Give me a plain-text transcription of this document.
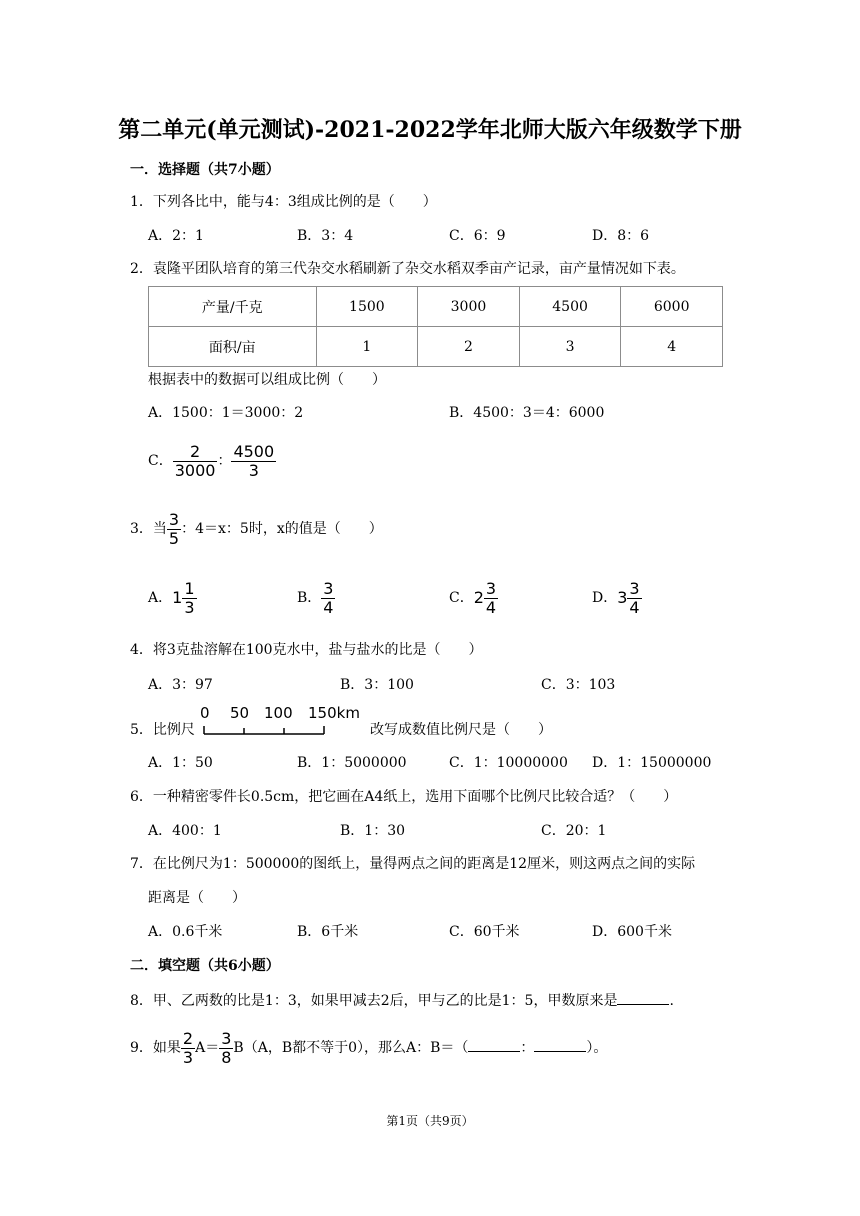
第二单元(单元测试)-2021-2022学年北师大版六年级数学下册
一．选择题（共7小题）
1．下列各比中，能与4：3组成比例的是（　　）
A．2：1	B．3：4	C．6：9	D．8：6
2．袁隆平团队培育的第三代杂交水稻刷新了杂交水稻双季亩产记录，亩产量情况如下表。
产量/千克	1500	3000	4500	6000
面积/亩	1	2	3	4
根据表中的数据可以组成比例（　　）
A．1500：1＝3000：2	B．4500：3＝4：6000
C． $\frac{2}{3000}$ ： $\frac{4500}{3}$
3．当 $\frac{3}{5}$ ：4＝x：5时，x的值是（　　）
A．$1 \frac{1}{3}$	B． $\frac{3}{4}$	C．$2 \frac{3}{4}$	D．$3 \frac{3}{4}$
4．将3克盐溶解在100克水中，盐与盐水的比是（　　）
A．3：97	B．3：100	C．3：103
5．比例尺
0 50 100 150km
改写成数值比例尺是（　　）
A．1：50	B．1：5000000	C．1：10000000 D．1：15000000
6．一种精密零件长0.5cm，把它画在A4纸上，选用下面哪个比例尺比较合适？（　　）
A．400：1	B．1：30	C．20：1
7．在比例尺为1：500000的图纸上，量得两点之间的距离是12厘米，则这两点之间的实际
距离是（　　）
A．0.6千米	B．6千米	C．60千米	D．600千米
二．填空题（共6小题）
8．甲、乙两数的比是1：3，如果甲减去2后，甲与乙的比是1：5，甲数原来是	.
9．如果 $\frac{2}{3} A= \frac{3}{8} B(A$，B都不等于0），那么A：B＝（	：	）。
第1页（共9页）
